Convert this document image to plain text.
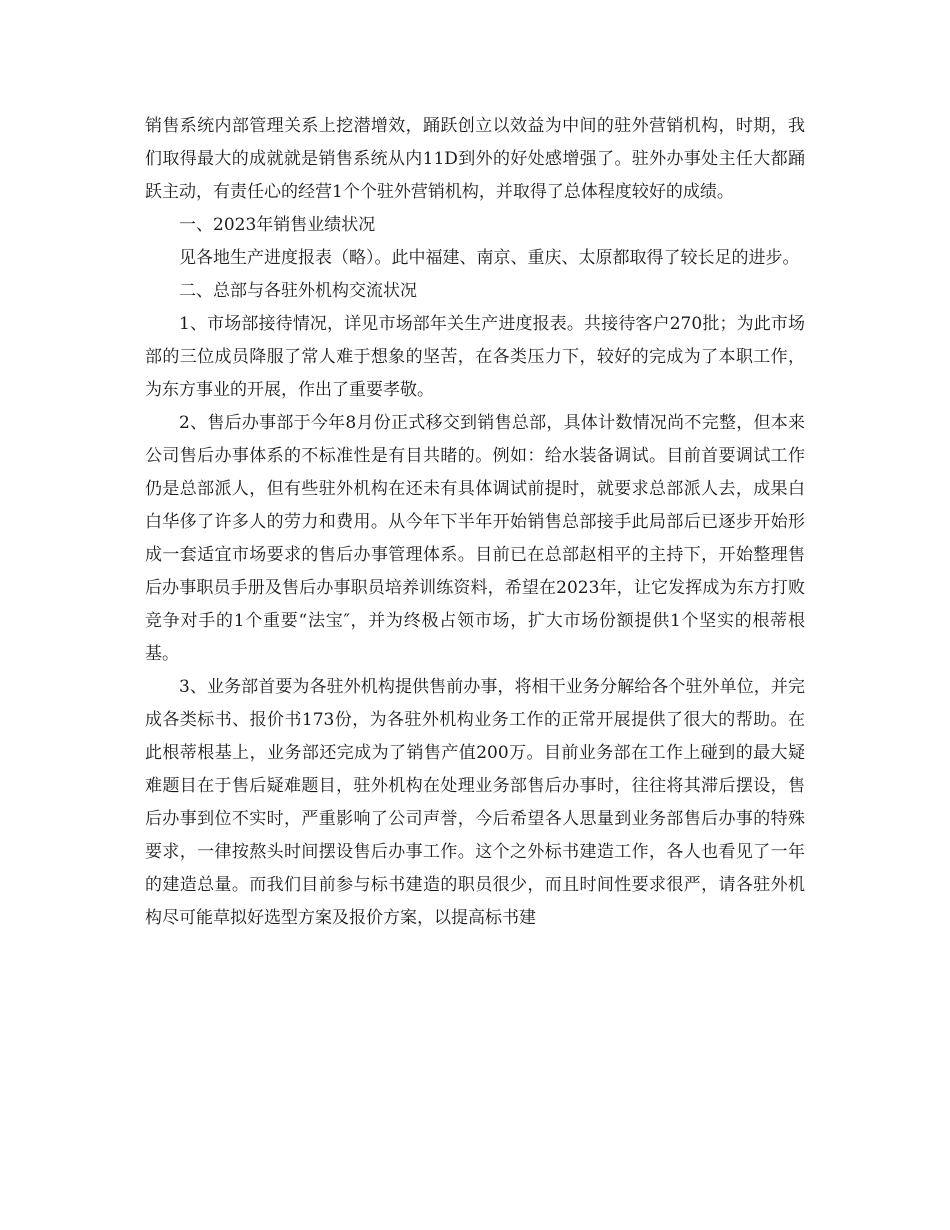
销售系统内部管理关系上挖潜增效，踊跃创立以效益为中间的驻外营销机构，时期，我们取得最大的成就就是销售系统从内11D到外的好处感增强了。驻外办事处主任大都踊跃主动，有责任心的经营1个个驻外营销机构，并取得了总体程度较好的成绩。

一、2023年销售业绩状况

见各地生产进度报表（略）。此中福建、南京、重庆、太原都取得了较长足的进步。

二、总部与各驻外机构交流状况

1、市场部接待情况，详见市场部年关生产进度报表。共接待客户270批；为此市场部的三位成员降服了常人难于想象的坚苦，在各类压力下，较好的完成为了本职工作，为东方事业的开展，作出了重要孝敬。

2、售后办事部于今年8月份正式移交到销售总部，具体计数情况尚不完整，但本来公司售后办事体系的不标准性是有目共睹的。例如：给水装备调试。目前首要调试工作仍是总部派人，但有些驻外机构在还未有具体调试前提时，就要求总部派人去，成果白白华侈了许多人的劳力和费用。从今年下半年开始销售总部接手此局部后已逐步开始形成一套适宜市场要求的售后办事管理体系。目前已在总部赵相平的主持下，开始整理售后办事职员手册及售后办事职员培养训练资料，希望在2023年，让它发挥成为东方打败竞争对手的1个重要“法宝″，并为终极占领市场，扩大市场份额提供1个坚实的根蒂根基。

3、业务部首要为各驻外机构提供售前办事，将相干业务分解给各个驻外单位，并完成各类标书、报价书173份，为各驻外机构业务工作的正常开展提供了很大的帮助。在此根蒂根基上，业务部还完成为了销售产值200万。目前业务部在工作上碰到的最大疑难题目在于售后疑难题目，驻外机构在处理业务部售后办事时，往往将其滞后摆设，售后办事到位不实时，严重影响了公司声誉，今后希望各人思量到业务部售后办事的特殊要求，一律按熬头时间摆设售后办事工作。这个之外标书建造工作，各人也看见了一年的建造总量。而我们目前参与标书建造的职员很少，而且时间性要求很严，请各驻外机构尽可能草拟好选型方案及报价方案，以提高标书建
